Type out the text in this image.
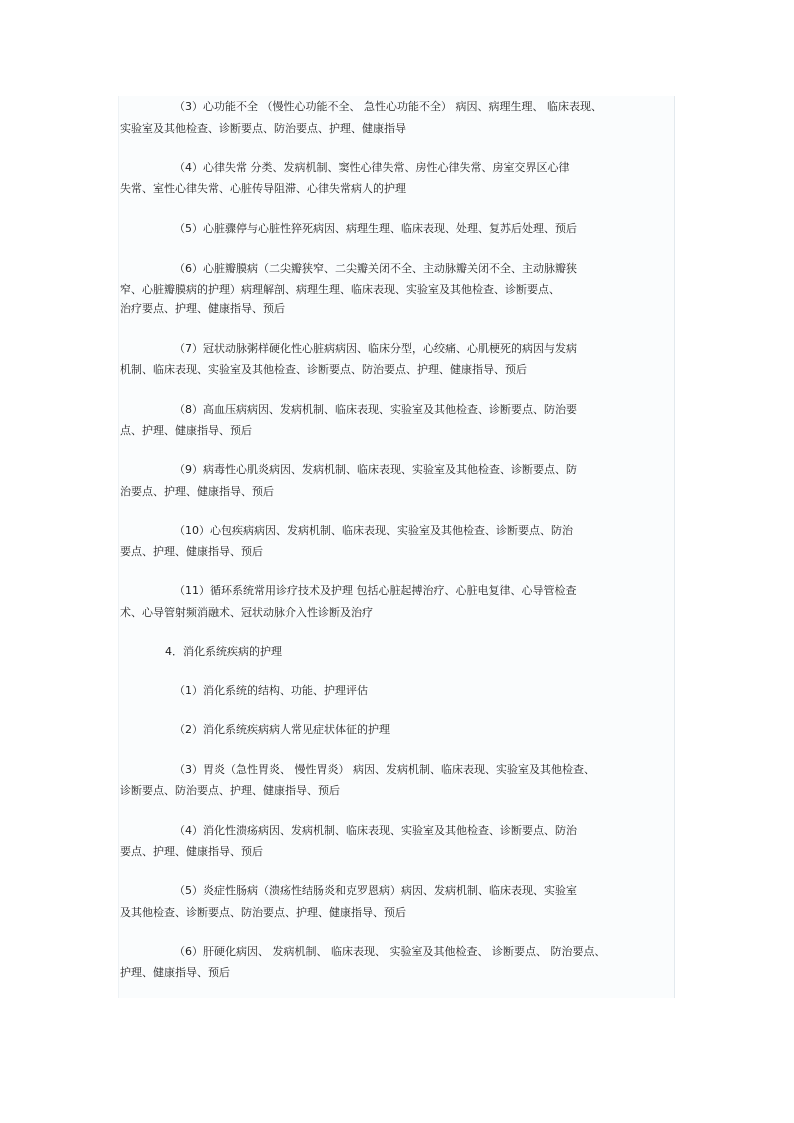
（3）心功能不全 （慢性心功能不全、 急性心功能不全） 病因、病理生理、 临床表现、
实验室及其他检查、诊断要点、防治要点、护理、健康指导
（4）心律失常 分类、发病机制、窦性心律失常、房性心律失常、房室交界区心律
失常、室性心律失常、心脏传导阻滞、心律失常病人的护理
（5）心脏骤停与心脏性猝死病因、病理生理、临床表现、处理、复苏后处理、预后
（6）心脏瓣膜病（二尖瓣狭窄、二尖瓣关闭不全、主动脉瓣关闭不全、主动脉瓣狭
窄、心脏瓣膜病的护理）病理解剖、病理生理、临床表现、实验室及其他检查、诊断要点、
治疗要点、护理、健康指导、预后
（7）冠状动脉粥样硬化性心脏病病因、临床分型，心绞痛、心肌梗死的病因与发病
机制、临床表现、实验室及其他检查、诊断要点、防治要点、护理、健康指导、预后
（8）高血压病病因、发病机制、临床表现、实验室及其他检查、诊断要点、防治要
点、护理、健康指导、预后
（9）病毒性心肌炎病因、发病机制、临床表现、实验室及其他检查、诊断要点、防
治要点、护理、健康指导、预后
（10）心包疾病病因、发病机制、临床表现、实验室及其他检查、诊断要点、防治
要点、护理、健康指导、预后
（11）循环系统常用诊疗技术及护理 包括心脏起搏治疗、心脏电复律、心导管检查
术、心导管射频消融术、冠状动脉介入性诊断及治疗
4．消化系统疾病的护理
（1）消化系统的结构、功能、护理评估
（2）消化系统疾病病人常见症状体征的护理
（3）胃炎（急性胃炎、 慢性胃炎） 病因、发病机制、临床表现、实验室及其他检查、
诊断要点、防治要点、护理、健康指导、预后
（4）消化性溃疡病因、发病机制、临床表现、实验室及其他检查、诊断要点、防治
要点、护理、健康指导、预后
（5）炎症性肠病（溃疡性结肠炎和克罗恩病）病因、发病机制、临床表现、实验室
及其他检查、诊断要点、防治要点、护理、健康指导、预后
（6）肝硬化病因、 发病机制、 临床表现、 实验室及其他检查、 诊断要点、 防治要点、
护理、健康指导、预后
